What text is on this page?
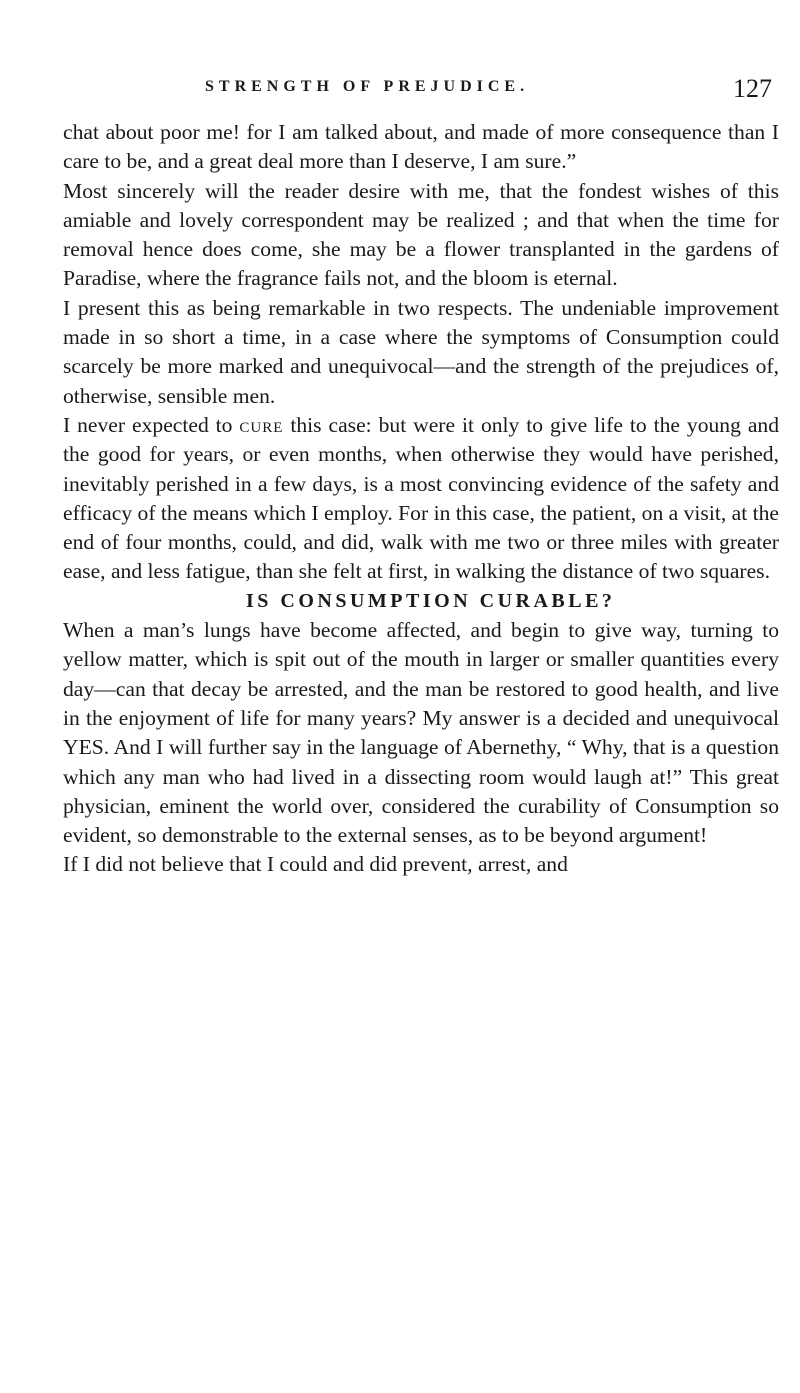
STRENGTH OF PREJUDICE.	127

chat about poor me! for I am talked about, and made of more consequence than I care to be, and a great deal more than I deserve, I am sure.”

Most sincerely will the reader desire with me, that the fondest wishes of this amiable and lovely correspondent may be realized ; and that when the time for removal hence does come, she may be a flower transplanted in the gardens of Paradise, where the fragrance fails not, and the bloom is eternal.

I present this as being remarkable in two respects. The undeniable improvement made in so short a time, in a case where the symptoms of Consumption could scarcely be more marked and unequivocal—and the strength of the prejudices of, otherwise, sensible men.

I never expected to cure this case: but were it only to give life to the young and the good for years, or even months, when otherwise they would have perished, inevitably perished in a few days, is a most convincing evidence of the safety and efficacy of the means which I employ. For in this case, the patient, on a visit, at the end of four months, could, and did, walk with me two or three miles with greater ease, and less fatigue, than she felt at first, in walking the distance of two squares.

IS CONSUMPTION CURABLE?

When a man’s lungs have become affected, and begin to give way, turning to yellow matter, which is spit out of the mouth in larger or smaller quantities every day—can that decay be arrested, and the man be restored to good health, and live in the enjoyment of life for many years? My answer is a decided and unequivocal YES. And I will further say in the language of Abernethy, “ Why, that is a question which any man who had lived in a dissecting room would laugh at!” This great physician, eminent the world over, considered the curability of Consumption so evident, so demonstrable to the external senses, as to be beyond argument!

If I did not believe that I could and did prevent, arrest, and
